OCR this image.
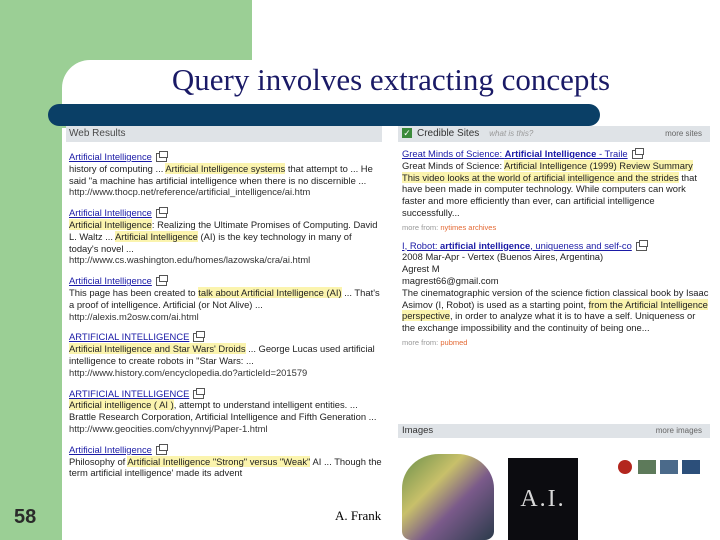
Query involves extracting concepts
Web Results
Artificial Intelligence
history of computing ... Artificial Intelligence systems that attempt to ... He said "a machine has artificial intelligence when there is no discernible ...
http://www.thocp.net/reference/artificial_intelligence/ai.htm
Artificial Intelligence
Artificial Intelligence: Realizing the Ultimate Promises of Computing. David L. Waltz ... Artificial Intelligence (AI) is the key technology in many of today's novel ...
http://www.cs.washington.edu/homes/lazowska/cra/ai.html
Artificial Intelligence
This page has been created to talk about Artificial Intelligence (AI) ... That's a proof of intelligence. Artificial (or Not Alive) ...
http://alexis.m2osw.com/ai.html
ARTIFICIAL INTELLIGENCE
Artificial Intelligence and Star Wars' Droids ... George Lucas used artificial intelligence to create robots in "Star Wars: ...
http://www.history.com/encyclopedia.do?articleId=201579
ARTIFICIAL INTELLIGENCE
Artificial intelligence ( AI ), attempt to understand intelligent entities. ... Brattle Research Corporation, Artificial Intelligence and Fifth Generation ...
http://www.geocities.com/chyynnvj/Paper-1.html
Artificial Intelligence
Philosophy of Artificial Intelligence "Strong" versus "Weak" AI ... Though the term artificial intelligence' made its advent

✓ Credible Sites what is this?	more sites
Great Minds of Science: Artificial Intelligence - Traile
Great Minds of Science: Artificial Intelligence (1999) Review Summary This video looks at the world of artificial intelligence and the strides that have been made in computer technology. While computers can work faster and more efficiently than ever, can artificial intelligence successfully...
more from: nytimes archives
I, Robot: artificial intelligence, uniqueness and self-co
2008 Mar-Apr - Vertex (Buenos Aires, Argentina)
Agrest M
magrest66@gmail.com
The cinematographic version of the science fiction classical book by Isaac Asimov (I, Robot) is used as a starting point, from the Artificial Intelligence perspective, in order to analyze what it is to have a self. Uniqueness or the exchange impossibility and the continuity of being one...
more from: pubmed
Images	more images
A.I.
58	A. Frank
